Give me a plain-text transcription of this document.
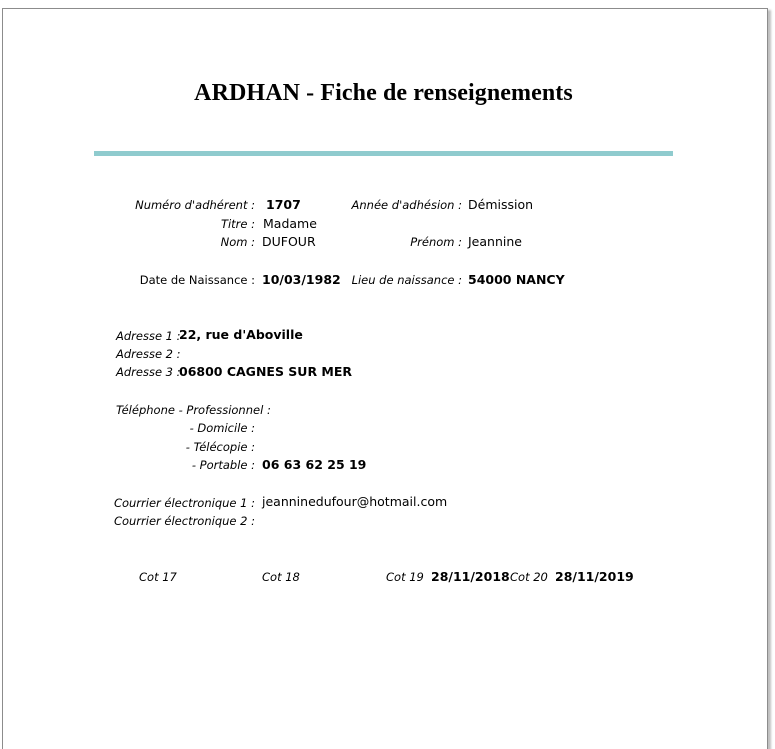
ARDHAN - Fiche de renseignements
Numéro d'adhérent : 1707	Année d'adhésion : Démission
Titre : Madame
Nom : DUFOUR	Prénom : Jeannine
Date de Naissance : 10/03/1982 Lieu de naissance : 54000 NANCY
Adresse 1 :
22, rue d'Aboville
Adresse 2 :
Adresse 3 :
06800 CAGNES SUR MER
Téléphone - Professionnel :
- Domicile :
- Télécopie :
- Portable : 06 63 62 25 19
Courrier électronique 1 : jeanninedufour@hotmail.com
Courrier électronique 2 :
Cot 17	Cot 18	Cot 19 28/11/2018 Cot 20 28/11/2019
